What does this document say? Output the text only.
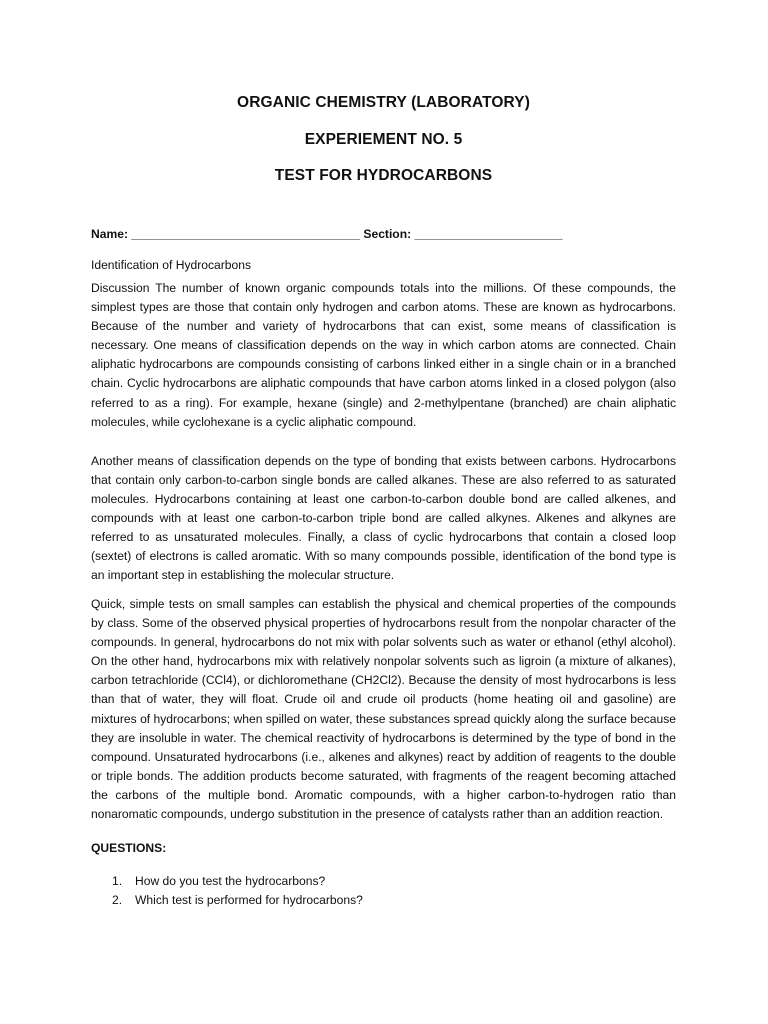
ORGANIC CHEMISTRY (LABORATORY)

EXPERIEMENT NO. 5

TEST FOR HYDROCARBONS

Name: __________________________________ Section: ______________________

Identification of Hydrocarbons

Discussion The number of known organic compounds totals into the millions. Of these compounds, the simplest types are those that contain only hydrogen and carbon atoms. These are known as hydrocarbons. Because of the number and variety of hydrocarbons that can exist, some means of classification is necessary. One means of classification depends on the way in which carbon atoms are connected. Chain aliphatic hydrocarbons are compounds consisting of carbons linked either in a single chain or in a branched chain. Cyclic hydrocarbons are aliphatic compounds that have carbon atoms linked in a closed polygon (also referred to as a ring). For example, hexane (single) and 2-methylpentane (branched) are chain aliphatic molecules, while cyclohexane is a cyclic aliphatic compound.

Another means of classification depends on the type of bonding that exists between carbons. Hydrocarbons that contain only carbon-to-carbon single bonds are called alkanes. These are also referred to as saturated molecules. Hydrocarbons containing at least one carbon-to-carbon double bond are called alkenes, and compounds with at least one carbon-to-carbon triple bond are called alkynes. Alkenes and alkynes are referred to as unsaturated molecules. Finally, a class of cyclic hydrocarbons that contain a closed loop (sextet) of electrons is called aromatic. With so many compounds possible, identification of the bond type is an important step in establishing the molecular structure.

Quick, simple tests on small samples can establish the physical and chemical properties of the compounds by class. Some of the observed physical properties of hydrocarbons result from the nonpolar character of the compounds. In general, hydrocarbons do not mix with polar solvents such as water or ethanol (ethyl alcohol). On the other hand, hydrocarbons mix with relatively nonpolar solvents such as ligroin (a mixture of alkanes), carbon tetrachloride (CCl4), or dichloromethane (CH2Cl2). Because the density of most hydrocarbons is less than that of water, they will float. Crude oil and crude oil products (home heating oil and gasoline) are mixtures of hydrocarbons; when spilled on water, these substances spread quickly along the surface because they are insoluble in water. The chemical reactivity of hydrocarbons is determined by the type of bond in the compound. Unsaturated hydrocarbons (i.e., alkenes and alkynes) react by addition of reagents to the double or triple bonds. The addition products become saturated, with fragments of the reagent becoming attached the carbons of the multiple bond. Aromatic compounds, with a higher carbon-to-hydrogen ratio than nonaromatic compounds, undergo substitution in the presence of catalysts rather than an addition reaction.

QUESTIONS:

1.	How do you test the hydrocarbons?
2.	Which test is performed for hydrocarbons?
